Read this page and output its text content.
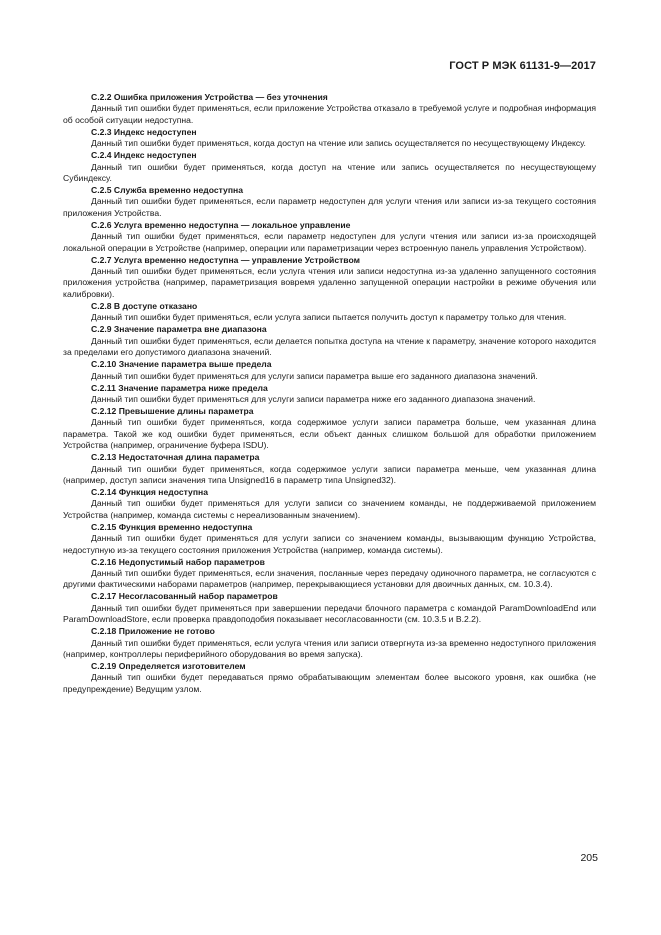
ГОСТ Р МЭК 61131-9—2017
С.2.2 Ошибка приложения Устройства — без уточнения

Данный тип ошибки будет применяться, если приложение Устройства отказало в требуемой услуге и подробная информация об особой ситуации недоступна.

С.2.3 Индекс недоступен

Данный тип ошибки будет применяться, когда доступ на чтение или запись осуществляется по несуществующему Индексу.

С.2.4 Индекс недоступен

Данный тип ошибки будет применяться, когда доступ на чтение или запись осуществляется по несуществующему Субиндексу.

С.2.5 Служба временно недоступна

Данный тип ошибки будет применяться, если параметр недоступен для услуги чтения или записи из-за текущего состояния приложения Устройства.

С.2.6 Услуга временно недоступна — локальное управление

Данный тип ошибки будет применяться, если параметр недоступен для услуги чтения или записи из-за происходящей локальной операции в Устройстве (например, операции или параметризации через встроенную панель управления Устройством).

С.2.7 Услуга временно недоступна — управление Устройством

Данный тип ошибки будет применяться, если услуга чтения или записи недоступна из-за удаленно запущенного состояния приложения устройства (например, параметризация вовремя удаленно запущенной операции настройки в режиме обучения или калибровки).

С.2.8 В доступе отказано

Данный тип ошибки будет применяться, если услуга записи пытается получить доступ к параметру только для чтения.

С.2.9 Значение параметра вне диапазона

Данный тип ошибки будет применяться, если делается попытка доступа на чтение к параметру, значение которого находится за пределами его допустимого диапазона значений.

С.2.10 Значение параметра выше предела

Данный тип ошибки будет применяться для услуги записи параметра выше его заданного диапазона значений.

С.2.11 Значение параметра ниже предела

Данный тип ошибки будет применяться для услуги записи параметра ниже его заданного диапазона значений.

С.2.12 Превышение длины параметра

Данный тип ошибки будет применяться, когда содержимое услуги записи параметра больше, чем указанная длина параметра. Такой же код ошибки будет применяться, если объект данных слишком большой для обработки приложением Устройства (например, ограничение буфера ISDU).

С.2.13 Недостаточная длина параметра

Данный тип ошибки будет применяться, когда содержимое услуги записи параметра меньше, чем указанная длина (например, доступ записи значения типа Unsigned16 в параметр типа Unsigned32).

С.2.14 Функция недоступна

Данный тип ошибки будет применяться для услуги записи со значением команды, не поддерживаемой приложением Устройства (например, команда системы с нереализованным значением).

С.2.15 Функция временно недоступна

Данный тип ошибки будет применяться для услуги записи со значением команды, вызывающим функцию Устройства, недоступную из-за текущего состояния приложения Устройства (например, команда системы).

С.2.16 Недопустимый набор параметров

Данный тип ошибки будет применяться, если значения, посланные через передачу одиночного параметра, не согласуются с другими фактическими наборами параметров (например, перекрывающиеся установки для двоичных данных, см. 10.3.4).

С.2.17 Несогласованный набор параметров

Данный тип ошибки будет применяться при завершении передачи блочного параметра с командой ParamDownloadEnd или ParamDownloadStore, если проверка правдоподобия показывает несогласованности (см. 10.3.5 и В.2.2).

С.2.18 Приложение не готово

Данный тип ошибки будет применяться, если услуга чтения или записи отвергнута из-за временно недоступного приложения (например, контроллеры периферийного оборудования во время запуска).

С.2.19 Определяется изготовителем

Данный тип ошибки будет передаваться прямо обрабатывающим элементам более высокого уровня, как ошибка (не предупреждение) Ведущим узлом.

205
